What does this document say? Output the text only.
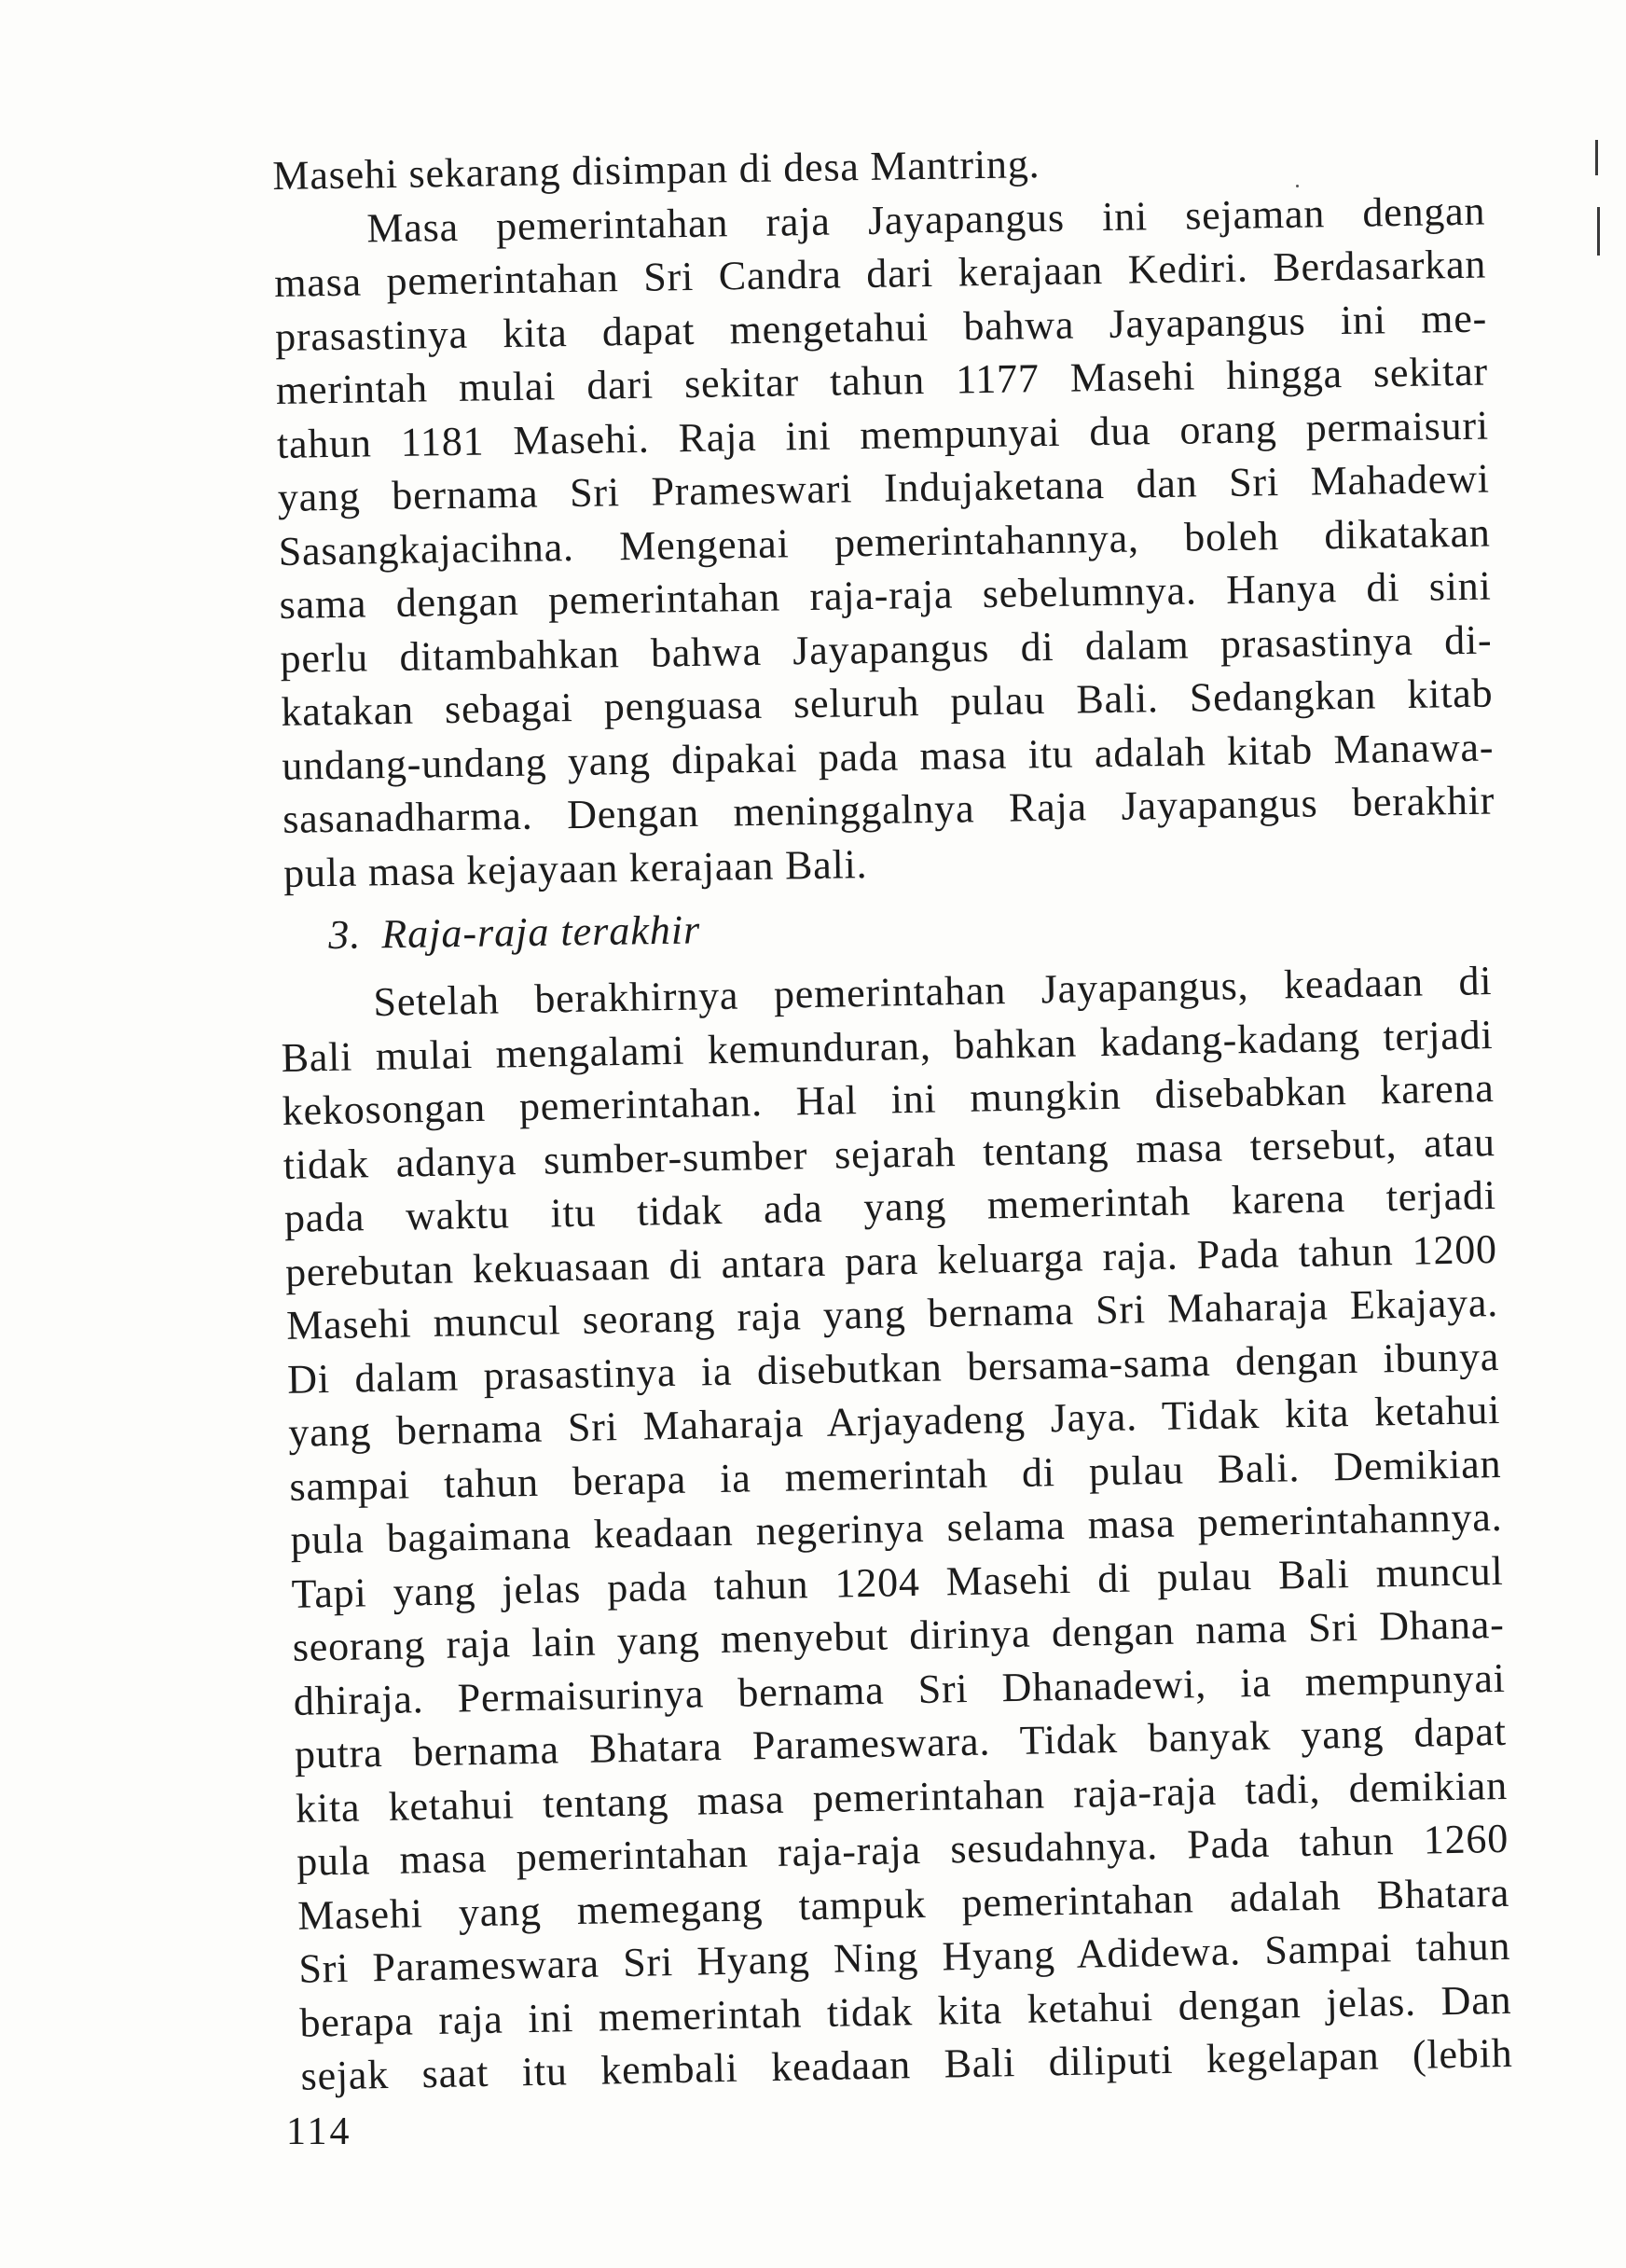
Masehi sekarang disimpan di desa Mantring.
Masa pemerintahan raja Jayapangus ini sejaman dengan
masa pemerintahan Sri Candra dari kerajaan Kediri. Berdasarkan
prasastinya kita dapat mengetahui bahwa Jayapangus ini me-
merintah mulai dari sekitar tahun 1177 Masehi hingga sekitar
tahun 1181 Masehi. Raja ini mempunyai dua orang permaisuri
yang bernama Sri Prameswari Indujaketana dan Sri Mahadewi
Sasangkajacihna. Mengenai pemerintahannya, boleh dikatakan
sama dengan pemerintahan raja-raja sebelumnya. Hanya di sini
perlu ditambahkan bahwa Jayapangus di dalam prasastinya di-
katakan sebagai penguasa seluruh pulau Bali. Sedangkan kitab
undang-undang yang dipakai pada masa itu adalah kitab Manawa-
sasanadharma. Dengan meninggalnya Raja Jayapangus berakhir
pula masa kejayaan kerajaan Bali.
3. Raja-raja terakhir
Setelah berakhirnya pemerintahan Jayapangus, keadaan di
Bali mulai mengalami kemunduran, bahkan kadang-kadang terjadi
kekosongan pemerintahan. Hal ini mungkin disebabkan karena
tidak adanya sumber-sumber sejarah tentang masa tersebut, atau
pada waktu itu tidak ada yang memerintah karena terjadi
perebutan kekuasaan di antara para keluarga raja. Pada tahun 1200
Masehi muncul seorang raja yang bernama Sri Maharaja Ekajaya.
Di dalam prasastinya ia disebutkan bersama-sama dengan ibunya
yang bernama Sri Maharaja Arjayadeng Jaya. Tidak kita ketahui
sampai tahun berapa ia memerintah di pulau Bali. Demikian
pula bagaimana keadaan negerinya selama masa pemerintahannya.
Tapi yang jelas pada tahun 1204 Masehi di pulau Bali muncul
seorang raja lain yang menyebut dirinya dengan nama Sri Dhana-
dhiraja. Permaisurinya bernama Sri Dhanadewi, ia mempunyai
putra bernama Bhatara Parameswara. Tidak banyak yang dapat
kita ketahui tentang masa pemerintahan raja-raja tadi, demikian
pula masa pemerintahan raja-raja sesudahnya. Pada tahun 1260
Masehi yang memegang tampuk pemerintahan adalah Bhatara
Sri Parameswara Sri Hyang Ning Hyang Adidewa. Sampai tahun
berapa raja ini memerintah tidak kita ketahui dengan jelas. Dan
sejak saat itu kembali keadaan Bali diliputi kegelapan (lebih
114
